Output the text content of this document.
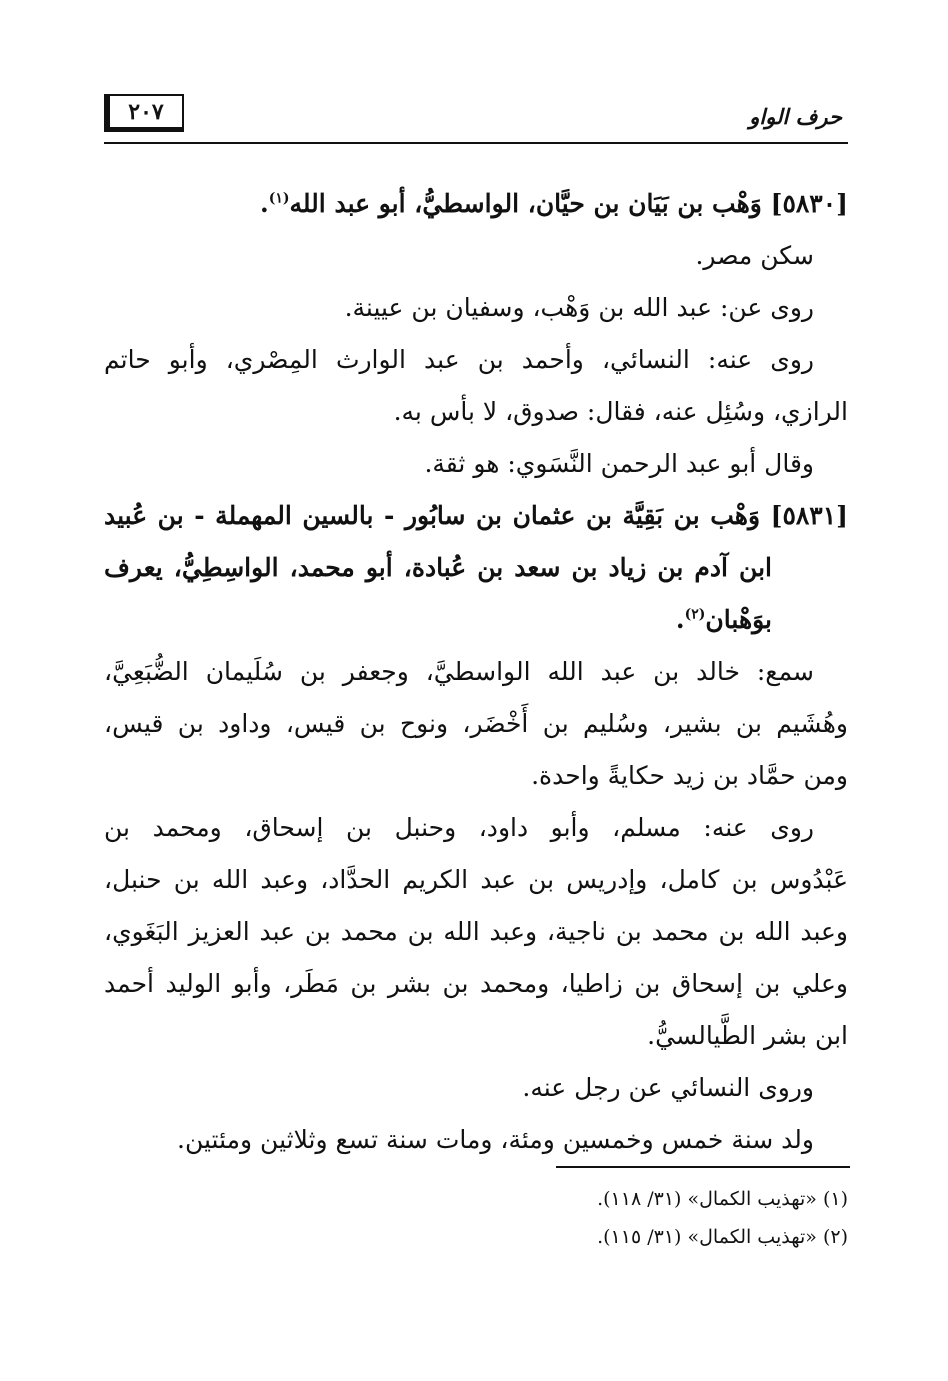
حرف الواو
٢٠٧
[٥٨٣٠] وَهْب بن بَيَان بن حيَّان، الواسطيُّ، أبو عبد الله$^{(١)}$.
سكن مصر.
روى عن: عبد الله بن وَهْب، وسفيان بن عيينة.
روى عنه: النسائي، وأحمد بن عبد الوارث المِصْري، وأبو حاتم
الرازي، وسُئِل عنه، فقال: صدوق، لا بأس به.
وقال أبو عبد الرحمن النَّسَوي: هو ثقة.
[٥٨٣١] وَهْب بن بَقِيَّة بن عثمان بن سابُور - بالسين المهملة - بن عُبيد
ابن آدم بن زياد بن سعد بن عُبادة، أبو محمد، الواسِطِيُّ، يعرف
بوَهْبان$^{(٢)}$.
سمع: خالد بن عبد الله الواسطيَّ، وجعفر بن سُلَيمان الضُّبَعِيَّ،
وهُشَيم بن بشير، وسُليم بن أَخْضَر، ونوح بن قيس، وداود بن قيس،
ومن حمَّاد بن زيد حكايةً واحدة.
روى عنه: مسلم، وأبو داود، وحنبل بن إسحاق، ومحمد بن
عَبْدُوس بن كامل، وإدريس بن عبد الكريم الحدَّاد، وعبد الله بن حنبل،
وعبد الله بن محمد بن ناجية، وعبد الله بن محمد بن عبد العزيز البَغَوي،
وعلي بن إسحاق بن زاطيا، ومحمد بن بشر بن مَطَر، وأبو الوليد أحمد
ابن بشر الطَّيالسيُّ.
وروى النسائي عن رجل عنه.
ولد سنة خمس وخمسين ومئة، ومات سنة تسع وثلاثين ومئتين.
(١) «تهذيب الكمال» (٣١/ ١١٨).
(٢) «تهذيب الكمال» (٣١/ ١١٥).
